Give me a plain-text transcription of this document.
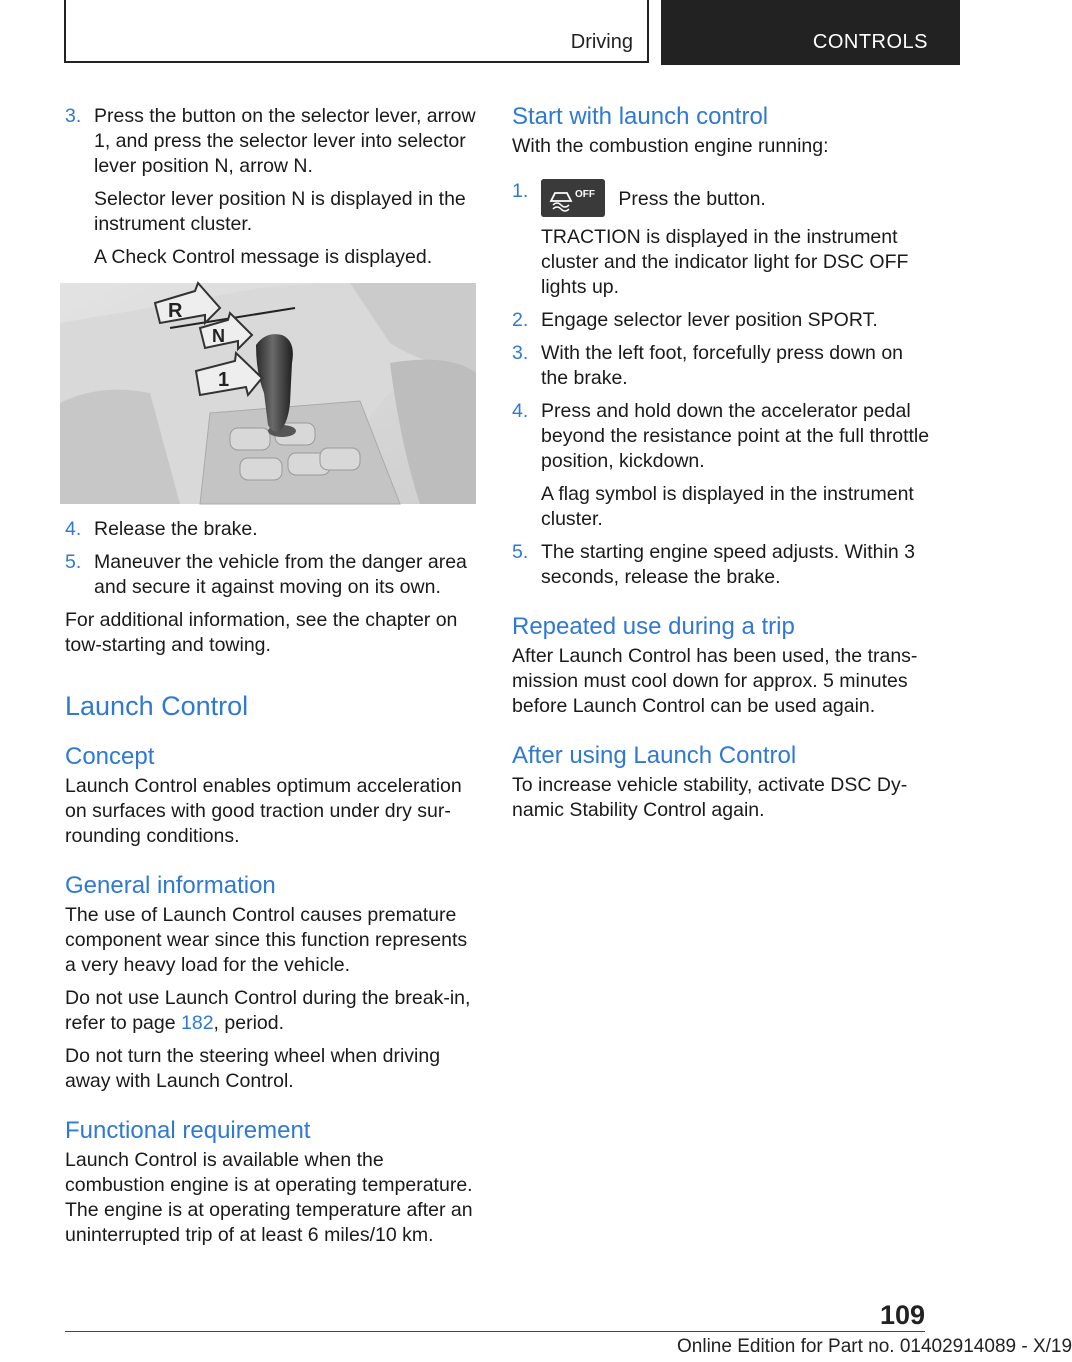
Driving	CONTROLS
3. Press the button on the selector lever, arrow 1, and press the selector lever into selector lever position N, arrow N.

Selector lever position N is displayed in the instrument cluster.

A Check Control message is displayed.

R
N
1
4. Release the brake.
5. Maneuver the vehicle from the danger area and secure it against moving on its own.

For additional information, see the chapter on tow-starting and towing.

Launch Control
Concept

Launch Control enables optimum acceleration on surfaces with good traction under dry surrounding conditions.

General information

The use of Launch Control causes premature component wear since this function represents a very heavy load for the vehicle.

Do not use Launch Control during the break-in, refer to page 182, period.

Do not turn the steering wheel when driving away with Launch Control.

Functional requirement

Launch Control is available when the combustion engine is at operating temperature. The engine is at operating temperature after an uninterrupted trip of at least 6 miles/10 km.

Start with launch control

With the combustion engine running:

1.	OFF Press the button.

TRACTION is displayed in the instrument cluster and the indicator light for DSC OFF lights up.

2. Engage selector lever position SPORT.
3. With the left foot, forcefully press down on the brake.
4. Press and hold down the accelerator pedal beyond the resistance point at the full throttle position, kickdown.

A flag symbol is displayed in the instrument cluster.

5. The starting engine speed adjusts. Within 3 seconds, release the brake.
Repeated use during a trip

After Launch Control has been used, the transmission must cool down for approx. 5 minutes before Launch Control can be used again.

After using Launch Control

To increase vehicle stability, activate DSC Dynamic Stability Control again.

109
Online Edition for Part no. 01402914089 - X/19
